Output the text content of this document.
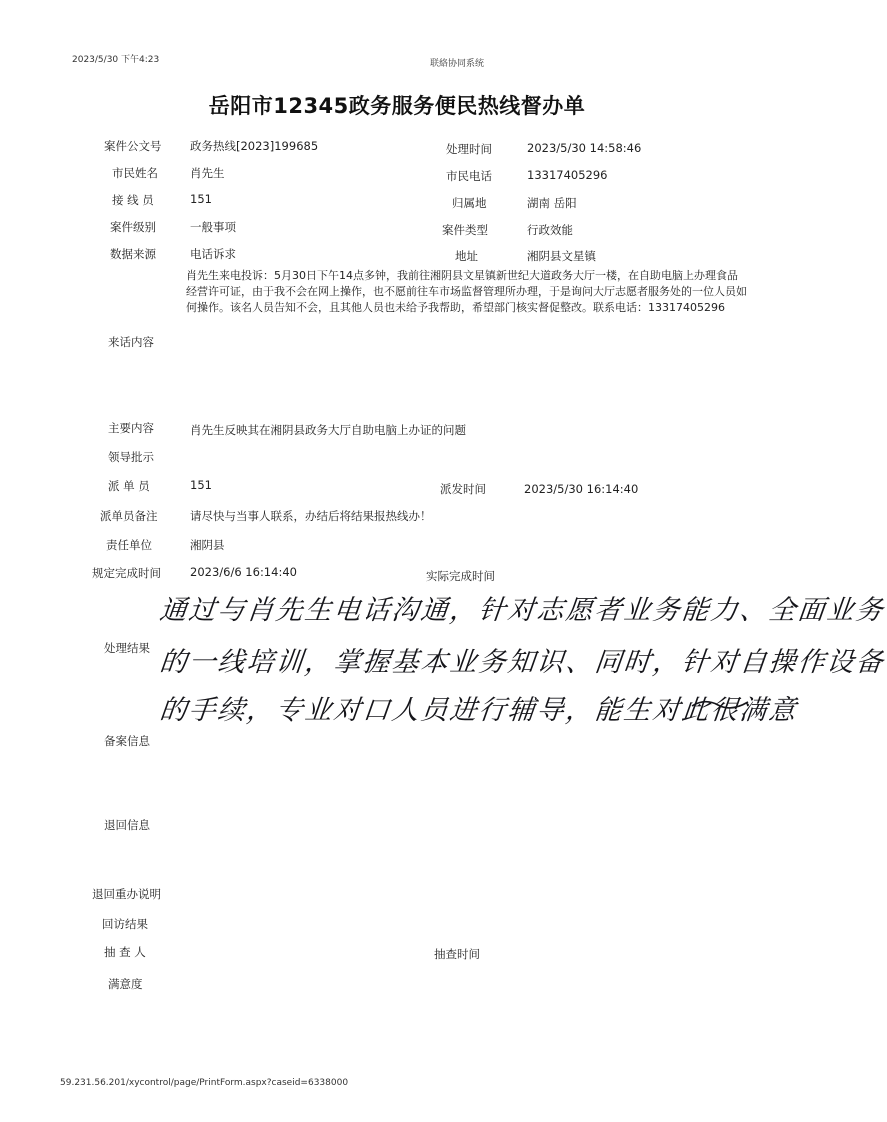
2023/5/30 下午4:23	联絡协同系统
岳阳市12345政务服务便民热线督办单
案件公文号 政务热线[2023]199685	处理时间	2023/5/30 14:58:46
市民姓名	肖先生	市民电话	13317405296
接 线 员	151	归属地	湖南 岳阳
案件级别	一般事项	案件类型	行政效能
数据来源	电话诉求	地址	湘阴县文星镇
肖先生来电投诉：5月30日下午14点多钟，我前往湘阴县文星镇新世纪大道政务大厅一楼，在自助电脑上办理食品经营许可证，由于我不会在网上操作，也不愿前往车市场监督管理所办理，于是询问大厅志愿者服务处的一位人员如何操作。该名人员告知不会，且其他人员也未给予我帮助，希望部门核实督促整改。联系电话：13317405296
来话内容
主要内容	肖先生反映其在湘阴县政务大厅自助电脑上办证的问题
领导批示
派 单 员	151	派发时间	2023/5/30 16:14:40
派单员备注	请尽快与当事人联系，办结后将结果报热线办！
责任单位	湘阴县
规定完成时间	2023/6/6 16:14:40	实际完成时间
通过与肖先生电话沟通，针对志愿者业务能力、全面业务
的一线培训，掌握基本业务知识、同时，针对自操作设备
的手续，专业对口人员进行辅导，能生对此很满意
处理结果
备案信息
退回信息
退回重办说明
回访结果
抽 查 人	抽查时间
满意度
59.231.56.201/xycontrol/page/PrintForm.aspx?caseid=6338000
